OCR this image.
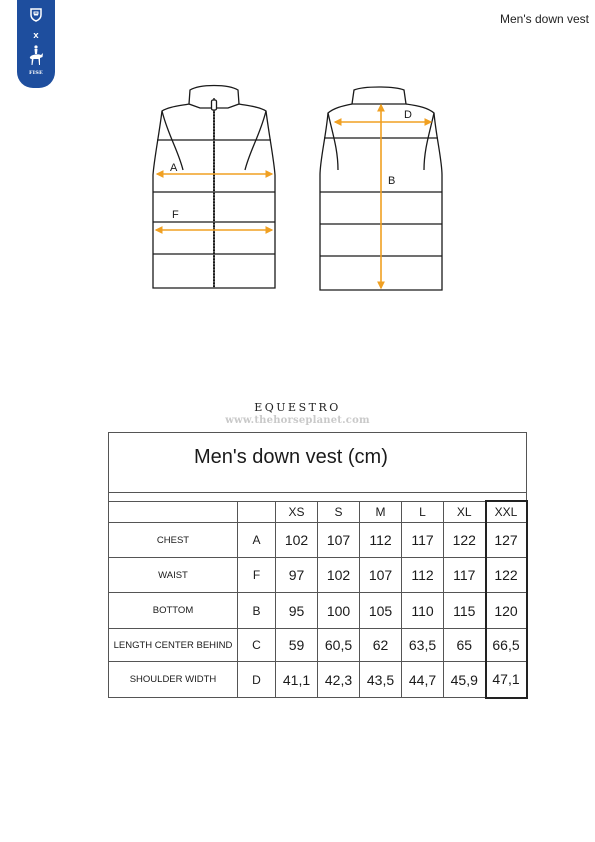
X
FISE
Men's down vest
A
F
D
B
EQUESTRO
www.thehorseplanet.com
Men's down vest (cm)							

		XS	S	M	L	XL	XXL
CHEST	A	102	107	112	117	122	127
WAIST	F	97	102	107	112	117	122
BOTTOM	B	95	100	105	110	115	120
LENGTH CENTER BEHIND	C	59	60,5	62	63,5	65	66,5
SHOULDER WIDTH	D	41,1	42,3	43,5	44,7	45,9	47,1
